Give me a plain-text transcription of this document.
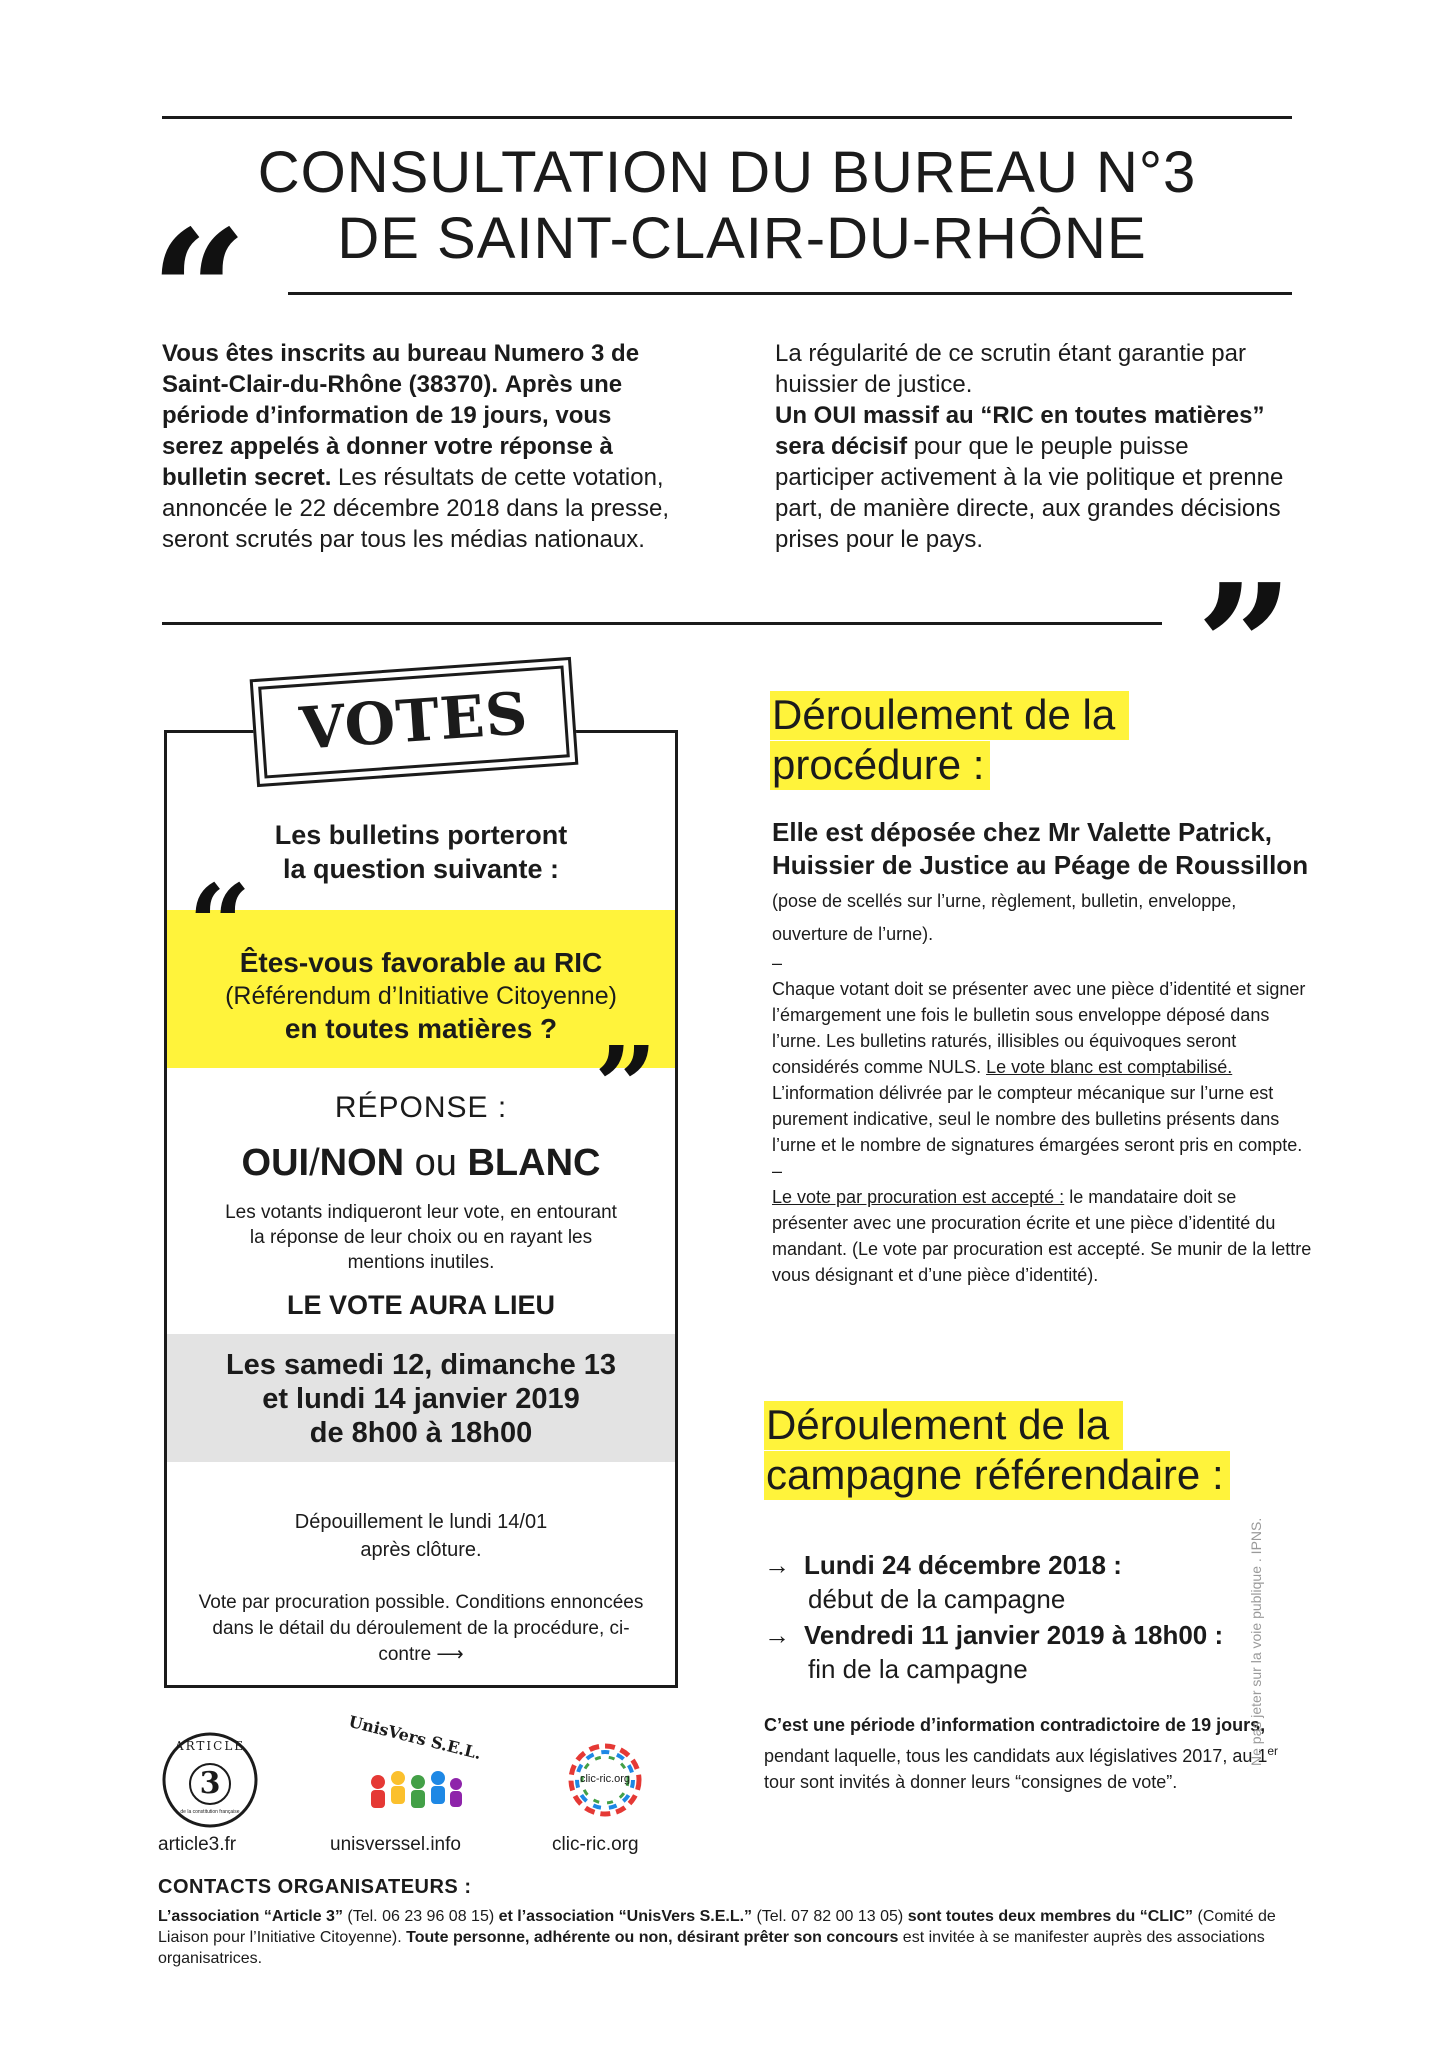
CONSULTATION DU BUREAU N°3
DE SAINT-CLAIR-DU-RHÔNE
“
Vous êtes inscrits au bureau Numero 3 de Saint-Clair-du-Rhône (38370). Après une période d’information de 19 jours, vous serez appelés à donner votre réponse à bulletin secret. Les résultats de cette votation, annoncée le 22 décembre 2018 dans la presse, seront scrutés par tous les médias nationaux.
La régularité de ce scrutin étant garantie par huissier de justice.
Un OUI massif au “RIC en toutes matières” sera décisif pour que le peuple puisse participer activement à la vie politique et prenne part, de manière directe, aux grandes décisions prises pour le pays.
”
VOTES
Les bulletins porteront
la question suivante :
“
Êtes-vous favorable au RIC
(Référendum d’Initiative Citoyenne)
en toutes matières ? ”
RÉPONSE :
OUI/NON ou BLANC
Les votants indiqueront leur vote, en entourant la réponse de leur choix ou en rayant les mentions inutiles.
LE VOTE AURA LIEU
Les samedi 12, dimanche 13
et lundi 14 janvier 2019
de 8h00 à 18h00
Dépouillement le lundi 14/01
après clôture.
Vote par procuration possible. Conditions ennoncées dans le détail du déroulement de la procédure, ci-contre ⟶
Déroulement de la
procédure :
Elle est déposée chez Mr Valette Patrick, Huissier de Justice au Péage de Roussillon (pose de scellés sur l’urne, règlement, bulletin, enveloppe, ouverture de l’urne).
–
Chaque votant doit se présenter avec une pièce d’identité et signer l’émargement une fois le bulletin sous enveloppe déposé dans l’urne. Les bulletins raturés, illisibles ou équivoques seront considérés comme NULS. Le vote blanc est comptabilisé. L’information délivrée par le compteur mécanique sur l’urne est purement indicative, seul le nombre des bulletins présents dans l’urne et le nombre de signatures émargées seront pris en compte.
–
Le vote par procuration est accepté : le mandataire doit se présenter avec une procuration écrite et une pièce d’identité du mandant. (Le vote par procuration est accepté. Se munir de la lettre vous désignant et d’une pièce d’identité).
Déroulement de la
campagne référendaire :
→ Lundi 24 décembre 2018 :
début de la campagne
→ Vendredi 11 janvier 2019 à 18h00 :
fin de la campagne
C’est une période d’information contradictoire de 19 jours, pendant laquelle, tous les candidats aux législatives 2017, au 1er tour sont invités à donner leurs “consignes de vote”.
ARTICLE
3
de la constitution française
article3.fr
UnisVers S.E.L.
unisverssel.info
clic-ric.org
clic-ric.org
CONTACTS ORGANISATEURS :
L’association “Article 3” (Tel. 06 23 96 08 15) et l’association “UnisVers S.E.L.” (Tel. 07 82 00 13 05) sont toutes deux membres du “CLIC” (Comité de Liaison pour l’Initiative Citoyenne). Toute personne, adhérente ou non, désirant prêter son concours est invitée à se manifester auprès des associations organisatrices.
Ne pas jeter sur la voie publique . IPNS.
